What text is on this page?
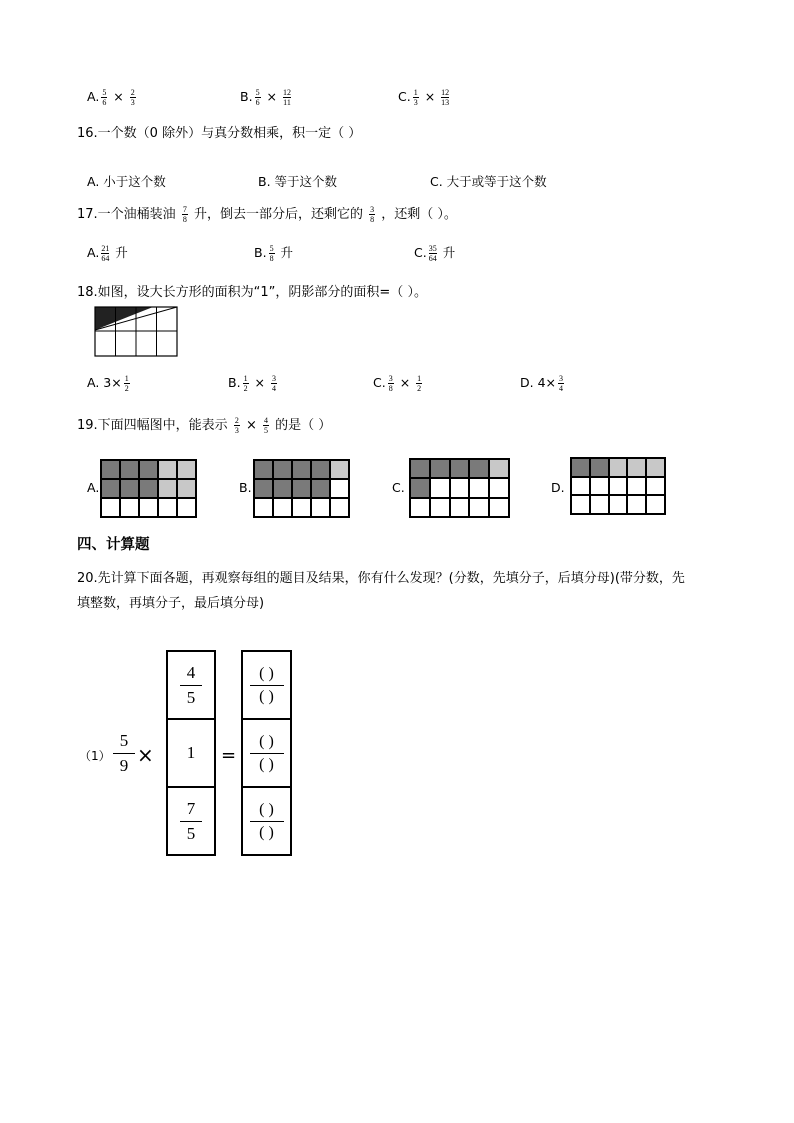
A. $\frac{5}{6} \times \frac{2}{3}$	B. $\frac{5}{6} \times \frac{12}{11}$	C. $\frac{1}{3} \times \frac{12}{13}$
16.一个数（0 除外）与真分数相乘，积一定（ ）
A. 小于这个数	B. 等于这个数	C. 大于或等于这个数
17.一个油桶装油 $\frac{7}{8}$ 升，倒去一部分后，还剩它的 $\frac{3}{8}$ ，还剩（ ）。
A. $\frac{21}{64}$ 升	B. $\frac{5}{8}$ 升	C. $\frac{35}{64}$ 升
18.如图，设大长方形的面积为“1”，阴影部分的面积=（ ）。
A. $3\times \frac{1}{2}$	B. $\frac{1}{2} \times \frac{3}{4}$	C. $\frac{3}{8} \times \frac{1}{2}$	D. $4\times \frac{3}{4}$
19.下面四幅图中，能表示 $\frac{2}{3} \times \frac{4}{5}$ 的是（ ）
A.	B.	C.	D.
四、计算题
20.先计算下面各题，再观察每组的题目及结果，你有什么发现？(分数，先填分子，后填分母)(带分数，先
填整数，再填分子，最后填分母)
（1）
5
9 ×
4
5
1
7
5
=
( )
( )
( )
( )
( )
( )
